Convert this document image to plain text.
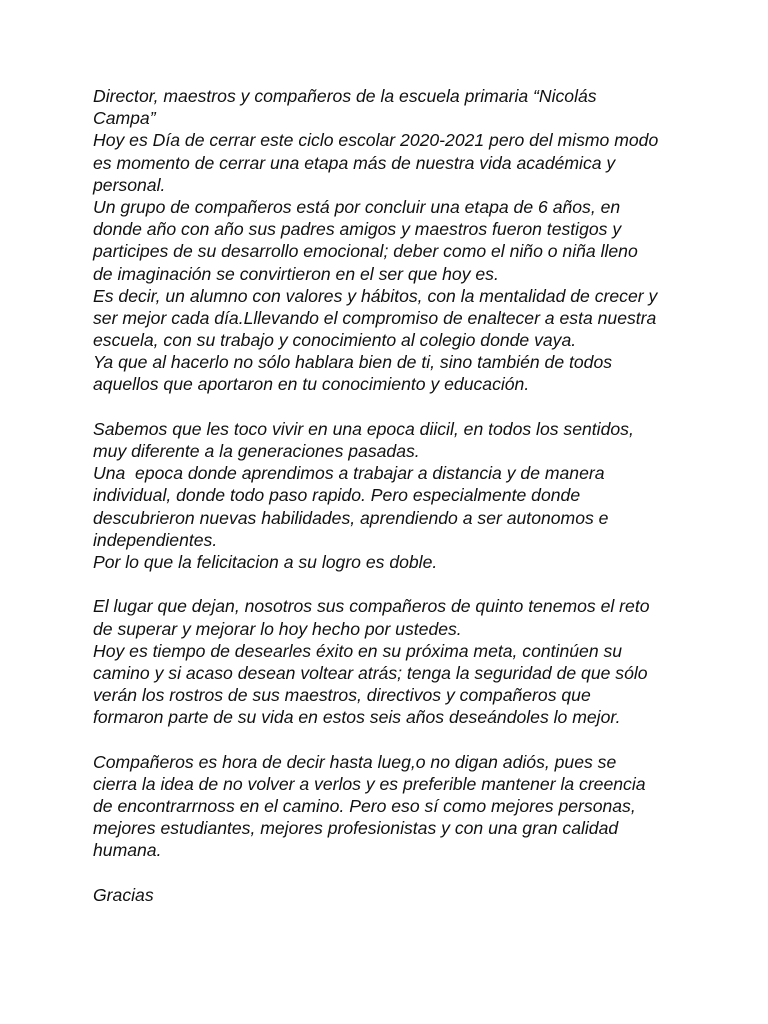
Director, maestros y compañeros de la escuela primaria “Nicolás
Campa”
Hoy es Día de cerrar este ciclo escolar 2020-2021 pero del mismo modo
es momento de cerrar una etapa más de nuestra vida académica y
personal.
Un grupo de compañeros está por concluir una etapa de 6 años, en
donde año con año sus padres amigos y maestros fueron testigos y
participes de su desarrollo emocional; deber como el niño o niña lleno
de imaginación se convirtieron en el ser que hoy es.
Es decir, un alumno con valores y hábitos, con la mentalidad de crecer y
ser mejor cada día.Lllevando el compromiso de enaltecer a esta nuestra
escuela, con su trabajo y conocimiento al colegio donde vaya.
Ya que al hacerlo no sólo hablara bien de ti, sino también de todos
aquellos que aportaron en tu conocimiento y educación.
Sabemos que les toco vivir en una epoca diicil, en todos los sentidos,
muy diferente a la generaciones pasadas.
Una  epoca donde aprendimos a trabajar a distancia y de manera
individual, donde todo paso rapido. Pero especialmente donde
descubrieron nuevas habilidades, aprendiendo a ser autonomos e
independientes.
Por lo que la felicitacion a su logro es doble.
El lugar que dejan, nosotros sus compañeros de quinto tenemos el reto
de superar y mejorar lo hoy hecho por ustedes.
Hoy es tiempo de desearles éxito en su próxima meta, continúen su
camino y si acaso desean voltear atrás; tenga la seguridad de que sólo
verán los rostros de sus maestros, directivos y compañeros que
formaron parte de su vida en estos seis años deseándoles lo mejor.
Compañeros es hora de decir hasta lueg,o no digan adiós, pues se
cierra la idea de no volver a verlos y es preferible mantener la creencia
de encontrarrnoss en el camino. Pero eso sí como mejores personas,
mejores estudiantes, mejores profesionistas y con una gran calidad
humana.
Gracias
